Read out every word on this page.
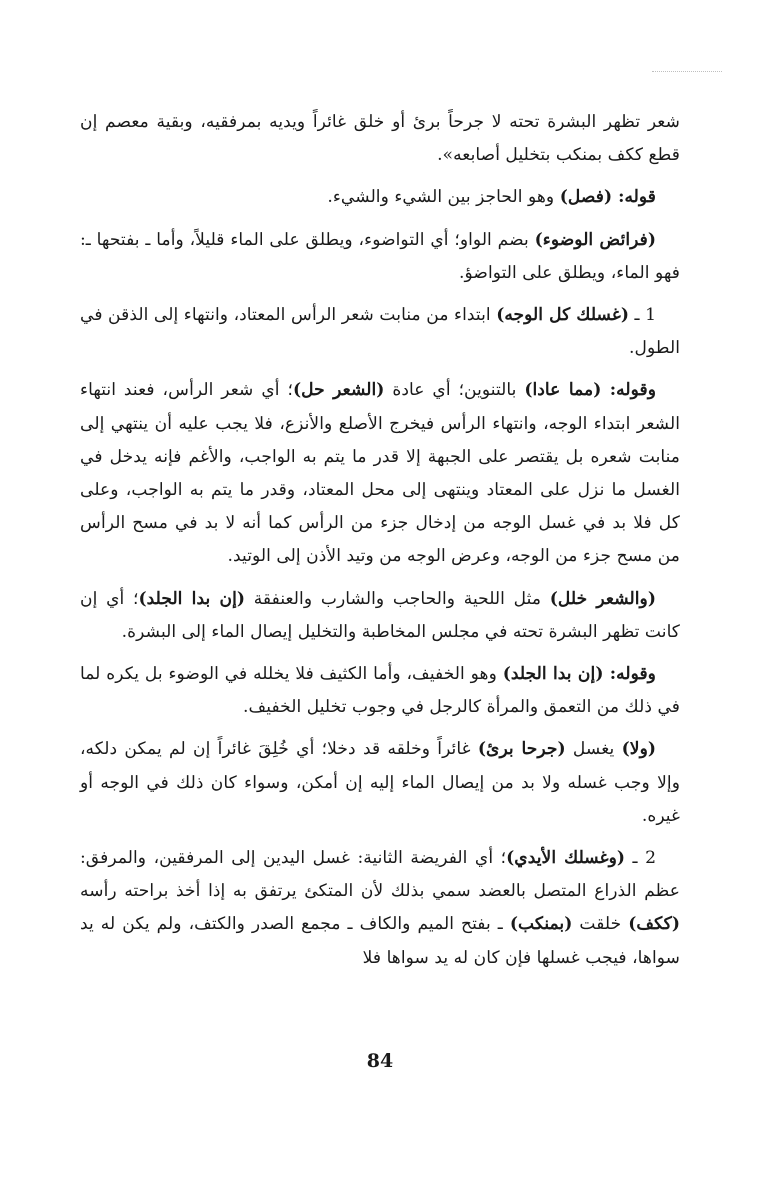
شعر تظهر البشرة تحته لا جرحاً برئ أو خلق غائراً ويديه بمرفقيه، وبقية معصم إن قطع ككف بمنكب بتخليل أصابعه».

قوله: (فصل) وهو الحاجز بين الشيء والشيء.

(فرائض الوضوء) بضم الواو؛ أي التواضوء، ويطلق على الماء قليلاً، وأما ـ بفتحها ـ: فهو الماء، ويطلق على التواضؤ.

1 ـ (غسلك كل الوجه) ابتداء من منابت شعر الرأس المعتاد، وانتهاء إلى الذقن في الطول.

وقوله: (مما عادا) بالتنوين؛ أي عادة (الشعر حل)؛ أي شعر الرأس، فعند انتهاء الشعر ابتداء الوجه، وانتهاء الرأس فيخرج الأصلع والأنزع، فلا يجب عليه أن ينتهي إلى منابت شعره بل يقتصر على الجبهة إلا قدر ما يتم به الواجب، والأغم فإنه يدخل في الغسل ما نزل على المعتاد وينتهى إلى محل المعتاد، وقدر ما يتم به الواجب، وعلى كل فلا بد في غسل الوجه من إدخال جزء من الرأس كما أنه لا بد في مسح الرأس من مسح جزء من الوجه، وعرض الوجه من وتيد الأذن إلى الوتيد.

(والشعر خلل) مثل اللحية والحاجب والشارب والعنفقة (إن بدا الجلد)؛ أي إن كانت تظهر البشرة تحته في مجلس المخاطبة والتخليل إيصال الماء إلى البشرة.

وقوله: (إن بدا الجلد) وهو الخفيف، وأما الكثيف فلا يخلله في الوضوء بل يكره لما في ذلك من التعمق والمرأة كالرجل في وجوب تخليل الخفيف.

(ولا) يغسل (جرحا برئ) غائراً وخلقه قد دخلا؛ أي خُلِقَ غائراً إن لم يمكن دلكه، وإلا وجب غسله ولا بد من إيصال الماء إليه إن أمكن، وسواء كان ذلك في الوجه أو غيره.

2 ـ (وغسلك الأيدي)؛ أي الفريضة الثانية: غسل اليدين إلى المرفقين، والمرفق: عظم الذراع المتصل بالعضد سمي بذلك لأن المتكئ يرتفق به إذا أخذ براحته رأسه (ككف) خلقت (بمنكب) ـ بفتح الميم والكاف ـ مجمع الصدر والكتف، ولم يكن له يد سواها، فيجب غسلها فإن كان له يد سواها فلا

84
